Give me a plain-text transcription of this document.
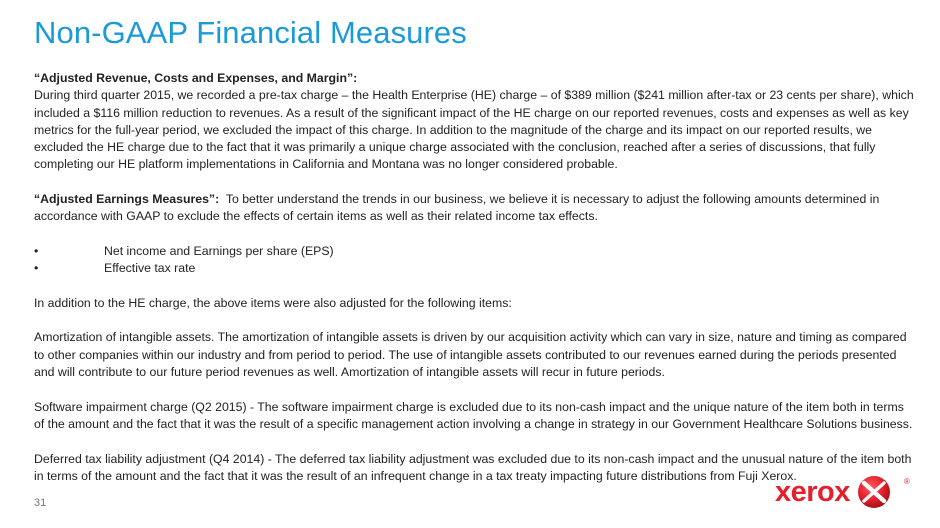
Non-GAAP Financial Measures

“Adjusted Revenue, Costs and Expenses, and Margin”:
During third quarter 2015, we recorded a pre-tax charge – the Health Enterprise (HE) charge – of $389 million ($241 million after-tax or 23 cents per share), which included a $116 million reduction to revenues. As a result of the significant impact of the HE charge on our reported revenues, costs and expenses as well as key metrics for the full-year period, we excluded the impact of this charge. In addition to the magnitude of the charge and its impact on our reported results, we excluded the HE charge due to the fact that it was primarily a unique charge associated with the conclusion, reached after a series of discussions, that fully completing our HE platform implementations in California and Montana was no longer considered probable.

“Adjusted Earnings Measures”: To better understand the trends in our business, we believe it is necessary to adjust the following amounts determined in accordance with GAAP to exclude the effects of certain items as well as their related income tax effects.

•	Net income and Earnings per share (EPS)
•	Effective tax rate

In addition to the HE charge, the above items were also adjusted for the following items:

Amortization of intangible assets. The amortization of intangible assets is driven by our acquisition activity which can vary in size, nature and timing as compared to other companies within our industry and from period to period. The use of intangible assets contributed to our revenues earned during the periods presented and will contribute to our future period revenues as well. Amortization of intangible assets will recur in future periods.

Software impairment charge (Q2 2015) - The software impairment charge is excluded due to its non-cash impact and the unique nature of the item both in terms of the amount and the fact that it was the result of a specific management action involving a change in strategy in our Government Healthcare Solutions business.

Deferred tax liability adjustment (Q4 2014) - The deferred tax liability adjustment was excluded due to its non-cash impact and the unusual nature of the item both in terms of the amount and the fact that it was the result of an infrequent change in a tax treaty impacting future distributions from Fuji Xerox.

31	xerox	®
